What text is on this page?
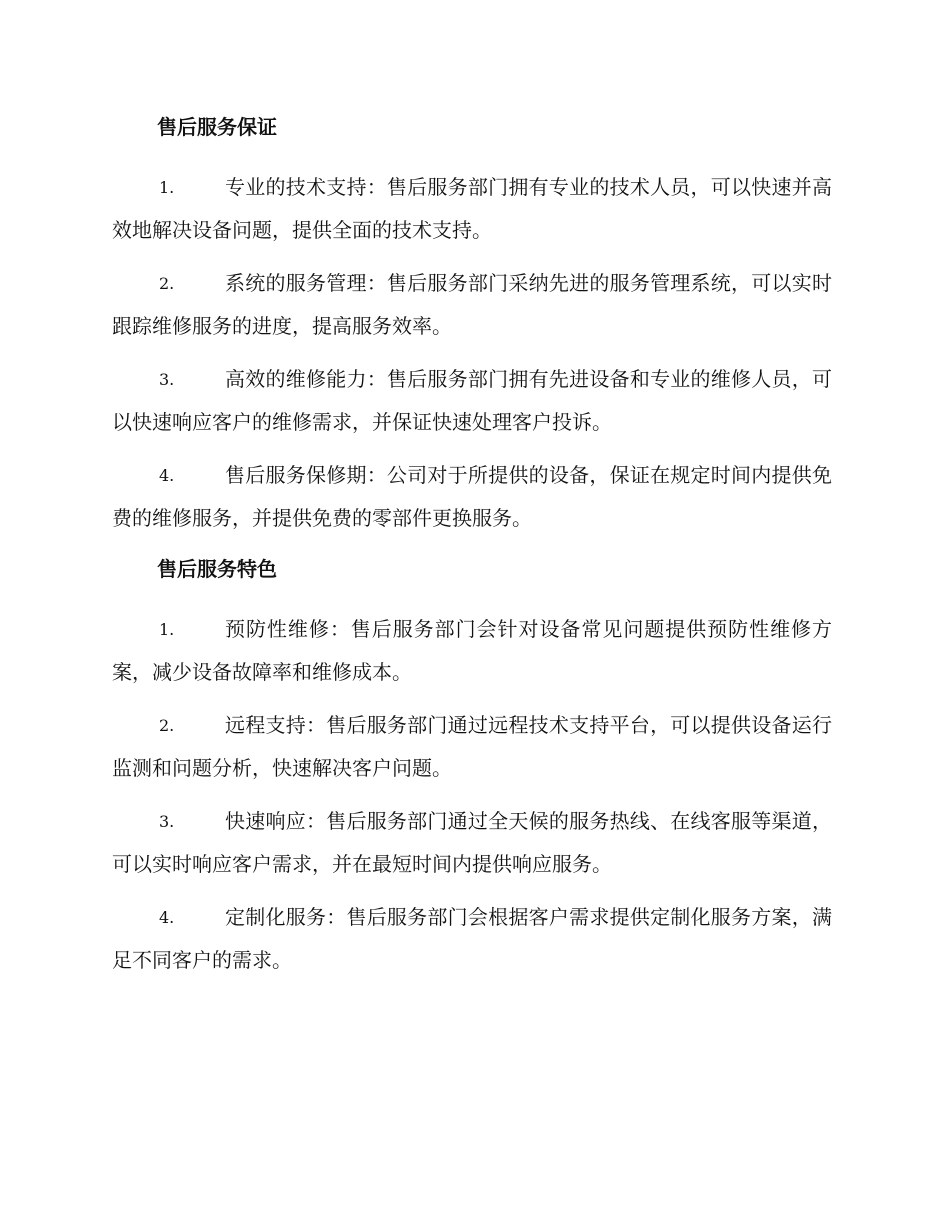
售后服务保证

1.	专业的技术支持：售后服务部门拥有专业的技术人员，可以快速并高效地解决设备问题，提供全面的技术支持。

2.	系统的服务管理：售后服务部门采纳先进的服务管理系统，可以实时跟踪维修服务的进度，提高服务效率。

3.	高效的维修能力：售后服务部门拥有先进设备和专业的维修人员，可以快速响应客户的维修需求，并保证快速处理客户投诉。

4.	售后服务保修期：公司对于所提供的设备，保证在规定时间内提供免费的维修服务，并提供免费的零部件更换服务。

售后服务特色

1.	预防性维修：售后服务部门会针对设备常见问题提供预防性维修方案，减少设备故障率和维修成本。

2.	远程支持：售后服务部门通过远程技术支持平台，可以提供设备运行监测和问题分析，快速解决客户问题。

3.	快速响应：售后服务部门通过全天候的服务热线、在线客服等渠道，可以实时响应客户需求，并在最短时间内提供响应服务。

4.	定制化服务：售后服务部门会根据客户需求提供定制化服务方案，满足不同客户的需求。
